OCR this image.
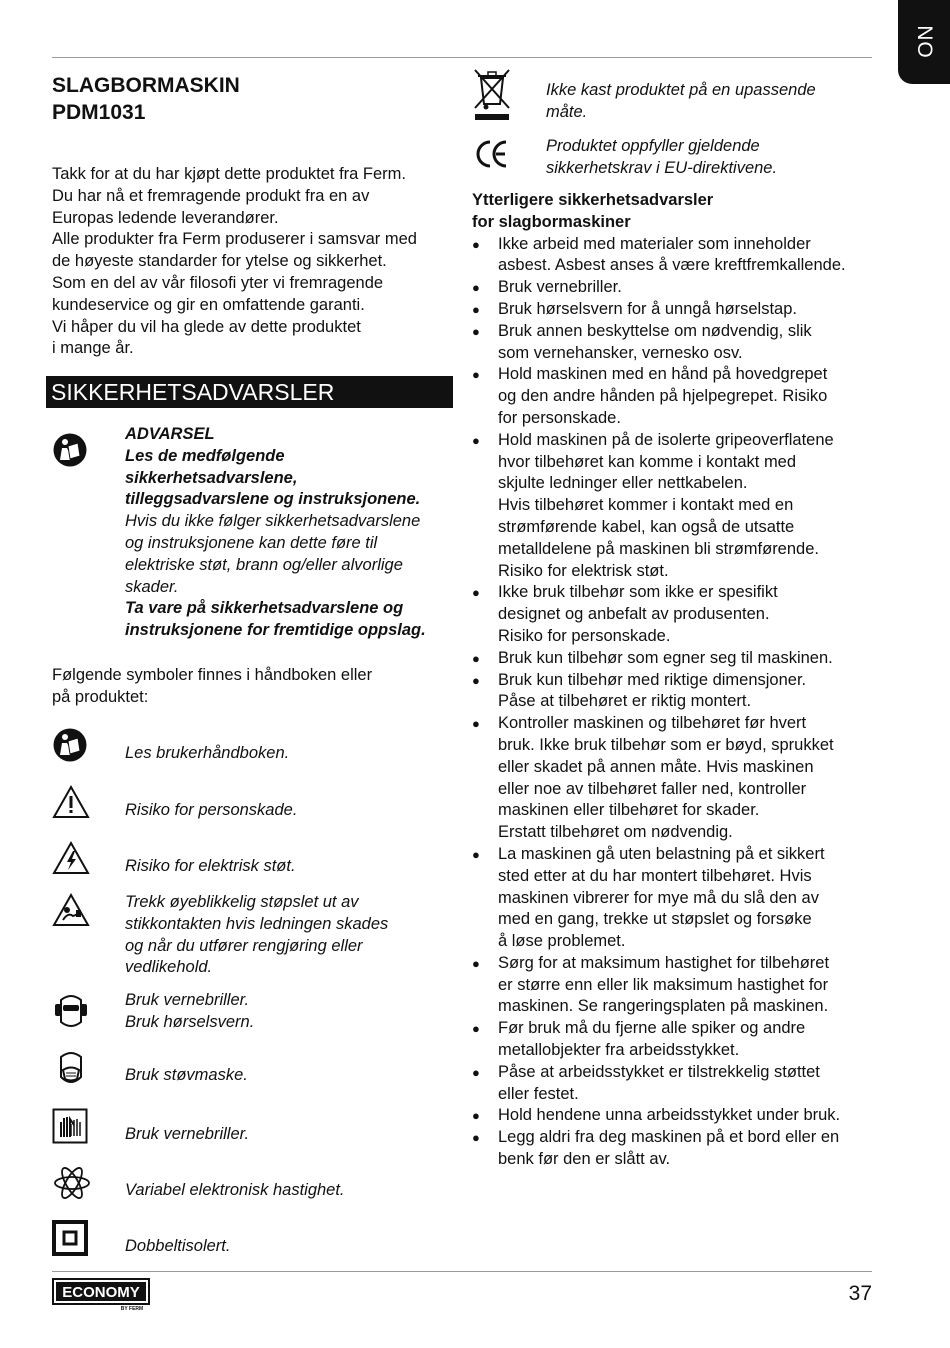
NO
SLAGBORMASKIN
PDM1031

Takk for at du har kjøpt dette produktet fra Ferm.

Du har nå et fremragende produkt fra en av

Europas ledende leverandører.

Alle produkter fra Ferm produserer i samsvar med

de høyeste standarder for ytelse og sikkerhet.

Som en del av vår filosofi yter vi fremragende

kundeservice og gir en omfattende garanti.

Vi håper du vil ha glede av dette produktet

i mange år.

SIKKERHETSADVARSLER

ADVARSEL

Les de medfølgende

sikkerhetsadvarslene,

tilleggsadvarslene og instruksjonene.

Hvis du ikke følger sikkerhetsadvarslene

og instruksjonene kan dette føre til

elektriske støt, brann og/eller alvorlige

skader.

Ta vare på sikkerhetsadvarslene og

instruksjonene for fremtidige oppslag.

Følgende symboler finnes i håndboken eller

på produktet:

Les brukerhåndboken.
Risiko for personskade.
Risiko for elektrisk støt.
Trekk øyeblikkelig støpslet ut av
stikkontakten hvis ledningen skades
og når du utfører rengjøring eller
vedlikehold.
Bruk vernebriller.
Bruk hørselsvern.
Bruk støvmaske.
Bruk vernebriller.
Variabel elektronisk hastighet.
Dobbeltisolert.
Ikke kast produktet på en upassende
måte.
Produktet oppfyller gjeldende
sikkerhetskrav i EU-direktivene.
Ytterligere sikkerhetsadvarsler
for slagbormaskiner
● Ikke arbeid med materialer som inneholder
asbest. Asbest anses å være kreftfremkallende.
● Bruk vernebriller.
● Bruk hørselsvern for å unngå hørselstap.
● Bruk annen beskyttelse om nødvendig, slik
som vernehansker, vernesko osv.
● Hold maskinen med en hånd på hovedgrepet
og den andre hånden på hjelpegrepet. Risiko
for personskade.
● Hold maskinen på de isolerte gripeoverflatene
hvor tilbehøret kan komme i kontakt med
skjulte ledninger eller nettkabelen.
Hvis tilbehøret kommer i kontakt med en
strømførende kabel, kan også de utsatte
metalldelene på maskinen bli strømførende.
Risiko for elektrisk støt.
● Ikke bruk tilbehør som ikke er spesifikt
designet og anbefalt av produsenten.
Risiko for personskade.
● Bruk kun tilbehør som egner seg til maskinen.
● Bruk kun tilbehør med riktige dimensjoner.
Påse at tilbehøret er riktig montert.
● Kontroller maskinen og tilbehøret før hvert
bruk. Ikke bruk tilbehør som er bøyd, sprukket
eller skadet på annen måte. Hvis maskinen
eller noe av tilbehøret faller ned, kontroller
maskinen eller tilbehøret for skader.
Erstatt tilbehøret om nødvendig.
● La maskinen gå uten belastning på et sikkert
sted etter at du har montert tilbehøret. Hvis
maskinen vibrerer for mye må du slå den av
med en gang, trekke ut støpslet og forsøke
å løse problemet.
● Sørg for at maksimum hastighet for tilbehøret
er større enn eller lik maksimum hastighet for
maskinen. Se rangeringsplaten på maskinen.
● Før bruk må du fjerne alle spiker og andre
metallobjekter fra arbeidsstykket.
● Påse at arbeidsstykket er tilstrekkelig støttet
eller festet.
● Hold hendene unna arbeidsstykket under bruk.
● Legg aldri fra deg maskinen på et bord eller en
benk før den er slått av.
ECONOMY
BY FERM
37
